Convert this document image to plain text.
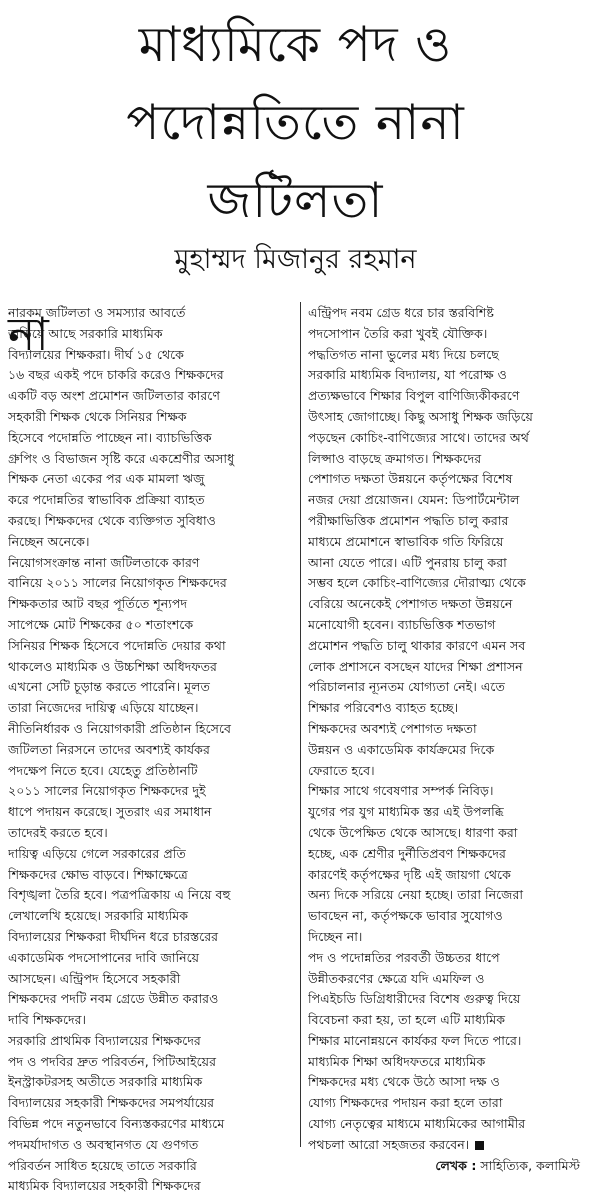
মাধ্যমিকে পদ ও
পদোন্নতিতে নানা
জটিলতা
মুহাম্মদ মিজানুর রহমান
না
নারকম জটিলতা ও সমস্যার আবর্তে
জড়িয়ে আছে সরকারি মাধ্যমিক
বিদ্যালয়ের শিক্ষকরা। দীর্ঘ ১৫ থেকে
১৬ বছর একই পদে চাকরি করেও শিক্ষকদের
একটি বড় অংশ প্রমোশন জটিলতার কারণে
সহকারী শিক্ষক থেকে সিনিয়র শিক্ষক
হিসেবে পদোন্নতি পাচ্ছেন না। ব্যাচভিত্তিক
গ্রুপিং ও বিভাজন সৃষ্টি করে একশ্রেণীর অসাধু
শিক্ষক নেতা একের পর এক মামলা ঋজু
করে পদোন্নতির স্বাভাবিক প্রক্রিয়া ব্যাহত
করছে। শিক্ষকদের থেকে ব্যক্তিগত সুবিধাও
নিচ্ছেন অনেকে।
নিয়োগসংক্রান্ত নানা জটিলতাকে কারণ
বানিয়ে ২০১১ সালের নিয়োগকৃত শিক্ষকদের
শিক্ষকতার আট বছর পূর্তিতে শূন্যপদ
সাপেক্ষে মোট শিক্ষকের ৫০ শতাংশকে
সিনিয়র শিক্ষক হিসেবে পদোন্নতি দেয়ার কথা
থাকলেও মাধ্যমিক ও উচ্চশিক্ষা অধিদফতর
এখনো সেটি চূড়ান্ত করতে পারেনি। মূলত
তারা নিজেদের দায়িত্ব এড়িয়ে যাচ্ছেন।
নীতিনির্ধারক ও নিয়োগকারী প্রতিষ্ঠান হিসেবে
জটিলতা নিরসনে তাদের অবশ্যই কার্যকর
পদক্ষেপ নিতে হবে। যেহেতু প্রতিষ্ঠানটি
২০১১ সালের নিয়োগকৃত শিক্ষকদের দুই
ধাপে পদায়ন করেছে। সুতরাং এর সমাধান
তাদেরই করতে হবে।
দায়িত্ব এড়িয়ে গেলে সরকারের প্রতি
শিক্ষকদের ক্ষোভ বাড়বে। শিক্ষাক্ষেত্রে
বিশৃঙ্খলা তৈরি হবে। পত্রপত্রিকায় এ নিয়ে বহু
লেখালেখি হয়েছে। সরকারি মাধ্যমিক
বিদ্যালয়ের শিক্ষকরা দীর্ঘদিন ধরে চারস্তরের
একাডেমিক পদসোপানের দাবি জানিয়ে
আসছেন। এন্ট্রিপদ হিসেবে সহকারী
শিক্ষকদের পদটি নবম গ্রেডে উন্নীত করারও
দাবি শিক্ষকদের।
সরকারি প্রাথমিক বিদ্যালয়ের শিক্ষকদের
পদ ও পদবির দ্রুত পরিবর্তন, পিটিআইয়ের
ইনস্ট্রাকটরসহ অতীতে সরকারি মাধ্যমিক
বিদ্যালয়ের সহকারী শিক্ষকদের সমপর্যায়ের
বিভিন্ন পদে নতুনভাবে বিন্যস্তকরণের মাধ্যমে
পদমর্যাদাগত ও অবস্থানগত যে গুণগত
পরিবর্তন সাধিত হয়েছে তাতে সরকারি
মাধ্যমিক বিদ্যালয়ের সহকারী শিক্ষকদের
এন্ট্রিপদ নবম গ্রেড ধরে চার স্তরবিশিষ্ট
পদসোপান তৈরি করা খুবই যৌক্তিক।
পদ্ধতিগত নানা ভুলের মধ্য দিয়ে চলছে
সরকারি মাধ্যমিক বিদ্যালয়, যা পরোক্ষ ও
প্রত্যক্ষভাবে শিক্ষার বিপুল বাণিজ্যিকীকরণে
উৎসাহ জোগাচ্ছে। কিছু অসাধু শিক্ষক জড়িয়ে
পড়ছেন কোচিং-বাণিজ্যের সাথে। তাদের অর্থ
লিপ্সাও বাড়ছে ক্রমাগত। শিক্ষকদের
পেশাগত দক্ষতা উন্নয়নে কর্তৃপক্ষের বিশেষ
নজর দেয়া প্রয়োজন। যেমন: ডিপার্টমেন্টাল
পরীক্ষাভিত্তিক প্রমোশন পদ্ধতি চালু করার
মাধ্যমে প্রমোশনে স্বাভাবিক গতি ফিরিয়ে
আনা যেতে পারে। এটি পুনরায় চালু করা
সম্ভব হলে কোচিং-বাণিজ্যের দৌরাত্ম্য থেকে
বেরিয়ে অনেকেই পেশাগত দক্ষতা উন্নয়নে
মনোযোগী হবেন। ব্যাচভিত্তিক শতভাগ
প্রমোশন পদ্ধতি চালু থাকার কারণে এমন সব
লোক প্রশাসনে বসছেন যাদের শিক্ষা প্রশাসন
পরিচালনার ন্যূনতম যোগ্যতা নেই। এতে
শিক্ষার পরিবেশও ব্যাহত হচ্ছে।
শিক্ষকদের অবশ্যই পেশাগত দক্ষতা
উন্নয়ন ও একাডেমিক কার্যক্রমের দিকে
ফেরাতে হবে।
শিক্ষার সাথে গবেষণার সম্পর্ক নিবিড়।
যুগের পর যুগ মাধ্যমিক স্তর এই উপলব্ধি
থেকে উপেক্ষিত থেকে আসছে। ধারণা করা
হচ্ছে, এক শ্রেণীর দুর্নীতিপ্রবণ শিক্ষকদের
কারণেই কর্তৃপক্ষের দৃষ্টি এই জায়গা থেকে
অন্য দিকে সরিয়ে নেয়া হচ্ছে। তারা নিজেরা
ভাবছেন না, কর্তৃপক্ষকে ভাবার সুযোগও
দিচ্ছেন না।
পদ ও পদোন্নতির পরবর্তী উচ্চতর ধাপে
উন্নীতকরণের ক্ষেত্রে যদি এমফিল ও
পিএইচডি ডিগ্রিধারীদের বিশেষ গুরুত্ব দিয়ে
বিবেচনা করা হয়, তা হলে এটি মাধ্যমিক
শিক্ষার মানোন্নয়নে কার্যকর ফল দিতে পারে।
মাধ্যমিক শিক্ষা অধিদফতরে মাধ্যমিক
শিক্ষকদের মধ্য থেকে উঠে আসা দক্ষ ও
যোগ্য শিক্ষকদের পদায়ন করা হলে তারা
যোগ্য নেতৃত্বের মাধ্যমে মাধ্যমিকের আগামীর
পথচলা আরো সহজতর করবেন।
লেখক : সাহিত্যিক, কলামিস্ট
